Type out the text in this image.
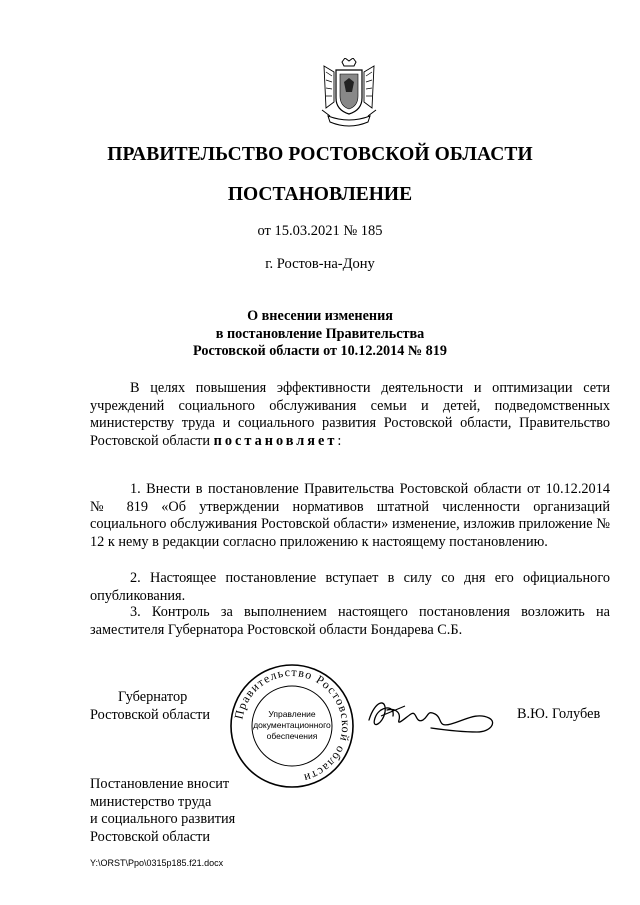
ПРАВИТЕЛЬСТВО РОСТОВСКОЙ ОБЛАСТИ
ПОСТАНОВЛЕНИЕ
от 15.03.2021 № 185
г. Ростов-на-Дону
О внесении изменения
в постановление Правительства
Ростовской области от 10.12.2014 № 819
В целях повышения эффективности деятельности и оптимизации сети учреждений социального обслуживания семьи и детей, подведомственных министерству труда и социального развития Ростовской области, Правительство Ростовской области постановляет:
1. Внести в постановление Правительства Ростовской области от 10.12.2014 № 819 «Об утверждении нормативов штатной численности организаций социального обслуживания Ростовской области» изменение, изложив приложение № 12 к нему в редакции согласно приложению к настоящему постановлению.
2. Настоящее постановление вступает в силу со дня его официального опубликования.
3. Контроль за выполнением настоящего постановления возложить на заместителя Губернатора Ростовской области Бондарева С.Б.
Губернатор
Ростовской области Правительство Ростовской области
Управление
документационного
обеспечения
В.Ю. Голубев
Постановление вносит
министерство труда
и социального развития
Ростовской области
Y:\ORST\Ppo\0315p185.f21.docx
